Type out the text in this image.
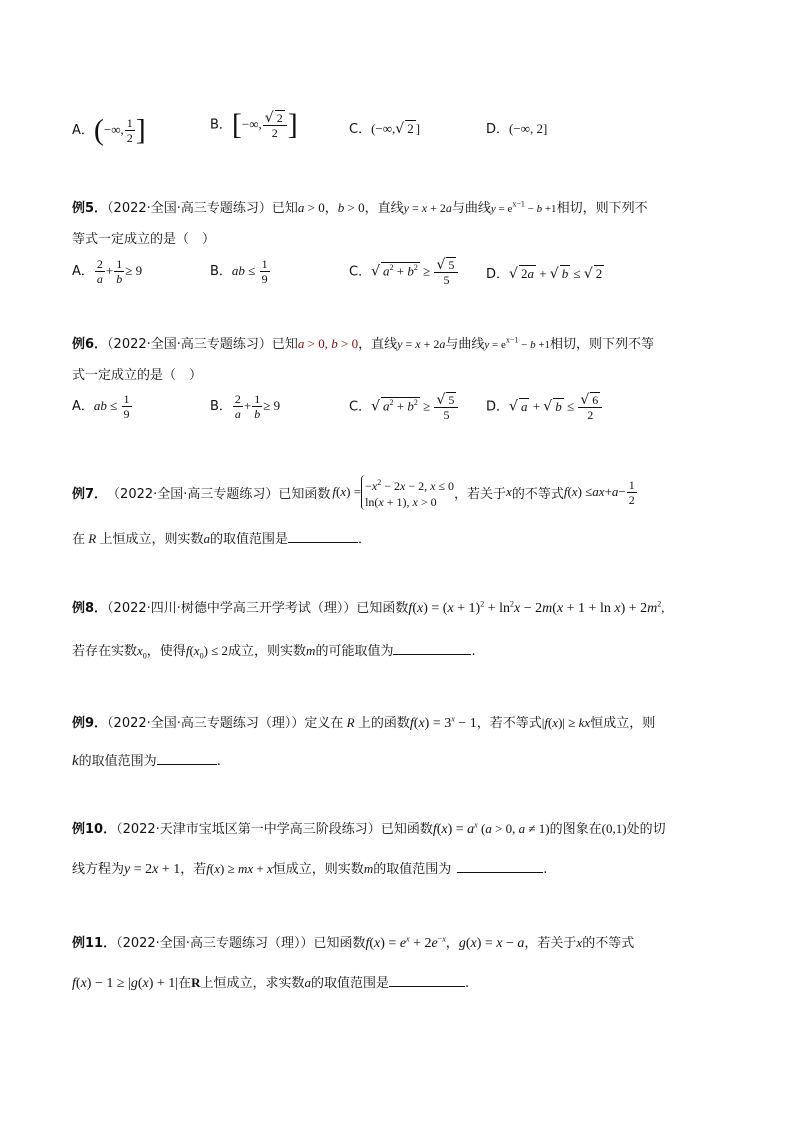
A．(−∞, $\frac{1}{2}$ ]	B．[−∞, $\frac{√ 2}{2}$ ]	C．(−∞,√ 2 ]	D．(−∞, 2]
例5．（2022·全国·高三专题练习）已知a > 0，b > 0，直线y = x + 2a与曲线$y = e^{x-1} - b +1$相切，则下列不
等式一定成立的是（　）
A． $\frac{2}{a} + \frac{1}{b} \ge 9$	B．ab ≤ $\frac{1}{9}$	C．√ $a^2 + b^2 \ge \frac{√ 5}{5}$ D．√ 2a + √ b ≤ √ 2
例6．（2022·全国·高三专题练习）已知a > 0, b > 0，直线y = x + 2a与曲线$y = e^{x-1} - b +1$相切，则下列不等
式一定成立的是（　）
A．ab ≤ $\frac{1}{9}$	B． $\frac{2}{a} + \frac{1}{b} \ge 9$	C．√ $a^2 + b^2 \ge \frac{√ 5}{5}$ D．√ a + √ $b \le \frac{√ 6}{2}$
例7． （2022·全国·高三专题练习） 已知函数 f ( x ) = $-x^2 - 2x - 2$, x ≤ 0
ln(x + 1), x > 0	，若关于 x 的不等式 f ( x ) ≤ ax + $a - \frac{1}{2}$
在 R 上恒成立，则实数a的取值范围是	．
例8．（2022·四川·树德中学高三开学考试（理））已知函数$f(x) = (x + 1)^2 + \ln^2x - 2m(x + 1 + \ln x) + 2m^2$,
若存在实数$x_0$，使得$f(x_0) \le 2$成立，则实数m的可能取值为	.
例9．（2022·全国·高三专题练习（理））定义在 R 上的函数$f(x) = 3^x - 1$，若不等式|f(x)| ≥ kx恒成立，则
k的取值范围为	.
例10．（2022·天津市宝坻区第一中学高三阶段练习）已知函数$f(x) = a^x$ (a > 0, a ≠ 1)的图象在(0,1)处的切
线方程为y = 2x + 1，若f(x) ≥ mx + x恒成立，则实数m的取值范围为	.
例11．（2022·全国·高三专题练习（理））已知函数$f(x) = e^x + 2e^{-x}$，g(x) = x − a，若关于x的不等式
f(x) − 1 ≥ |g(x) + 1|在R上恒成立，求实数a的取值范围是	.
